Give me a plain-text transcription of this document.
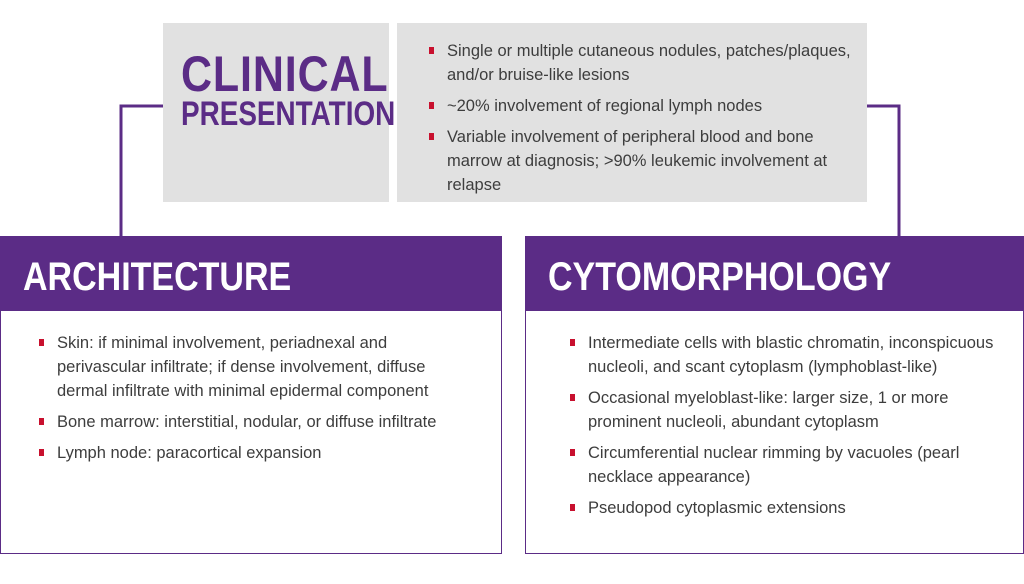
CLINICAL
PRESENTATION
Single or multiple cutaneous nodules, patches/plaques, and/or bruise-like lesions
~20% involvement of regional lymph nodes
Variable involvement of peripheral blood and bone marrow at diagnosis; >90% leukemic involvement at relapse
ARCHITECTURE
Skin: if minimal involvement, periadnexal and perivascular infiltrate; if dense involvement, diffuse dermal infiltrate with minimal epidermal component
Bone marrow: interstitial, nodular, or diffuse infiltrate
Lymph node: paracortical expansion
CYTOMORPHOLOGY
Intermediate cells with blastic chromatin, inconspicuous nucleoli, and scant cytoplasm (lymphoblast-like)
Occasional myeloblast-like: larger size, 1 or more prominent nucleoli, abundant cytoplasm
Circumferential nuclear rimming by vacuoles (pearl necklace appearance)
Pseudopod cytoplasmic extensions
